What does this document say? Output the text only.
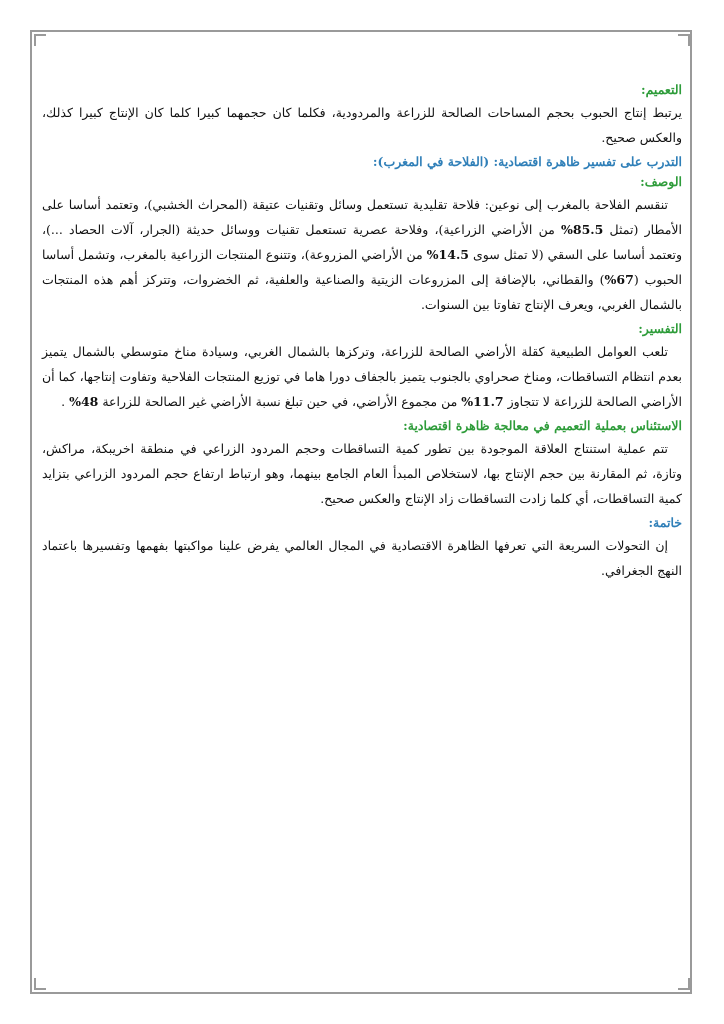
التعميم:

يرتبط إنتاج الحبوب بحجم المساحات الصالحة للزراعة والمردودية، فكلما كان حجمهما كبيرا كلما كان الإنتاج كبيرا كذلك، والعكس صحيح.

التدرب على تفسير ظاهرة اقتصادية: (الفلاحة في المغرب):
الوصف:

تنقسم الفلاحة بالمغرب إلى نوعين: فلاحة تقليدية تستعمل وسائل وتقنيات عتيقة (المحراث الخشبي)، وتعتمد أساسا على الأمطار (تمثل 85.5% من الأراضي الزراعية)، وفلاحة عصرية تستعمل تقنيات ووسائل حديثة (الجرار، آلات الحصاد ...)، وتعتمد أساسا على السقي (لا تمثل سوى 14.5% من الأراضي المزروعة)، وتتنوع المنتجات الزراعية بالمغرب، وتشمل أساسا الحبوب (67%) والقطاني، بالإضافة إلى المزروعات الزيتية والصناعية والعلفية، ثم الخضروات، وتتركز أهم هذه المنتجات بالشمال الغربي، ويعرف الإنتاج تفاوتا بين السنوات.

التفسير:

تلعب العوامل الطبيعية كقلة الأراضي الصالحة للزراعة، وتركزها بالشمال الغربي، وسيادة مناخ متوسطي بالشمال يتميز بعدم انتظام التساقطات، ومناخ صحراوي بالجنوب يتميز بالجفاف دورا هاما في توزيع المنتجات الفلاحية وتفاوت إنتاجها، كما أن الأراضي الصالحة للزراعة لا تتجاوز 11.7% من مجموع الأراضي، في حين تبلغ نسبة الأراضي غير الصالحة للزراعة 48% .

الاستئناس بعملية التعميم في معالجة ظاهرة اقتصادية:

تتم عملية استنتاج العلاقة الموجودة بين تطور كمية التساقطات وحجم المردود الزراعي في منطقة اخريبكة، مراكش، وتازة، ثم المقارنة بين حجم الإنتاج بها، لاستخلاص المبدأ العام الجامع بينهما، وهو ارتباط ارتفاع حجم المردود الزراعي بتزايد كمية التساقطات، أي كلما زادت التساقطات زاد الإنتاج والعكس صحيح.

خاتمة:

إن التحولات السريعة التي تعرفها الظاهرة الاقتصادية في المجال العالمي يفرض علينا مواكبتها بفهمها وتفسيرها باعتماد النهج الجغرافي.
